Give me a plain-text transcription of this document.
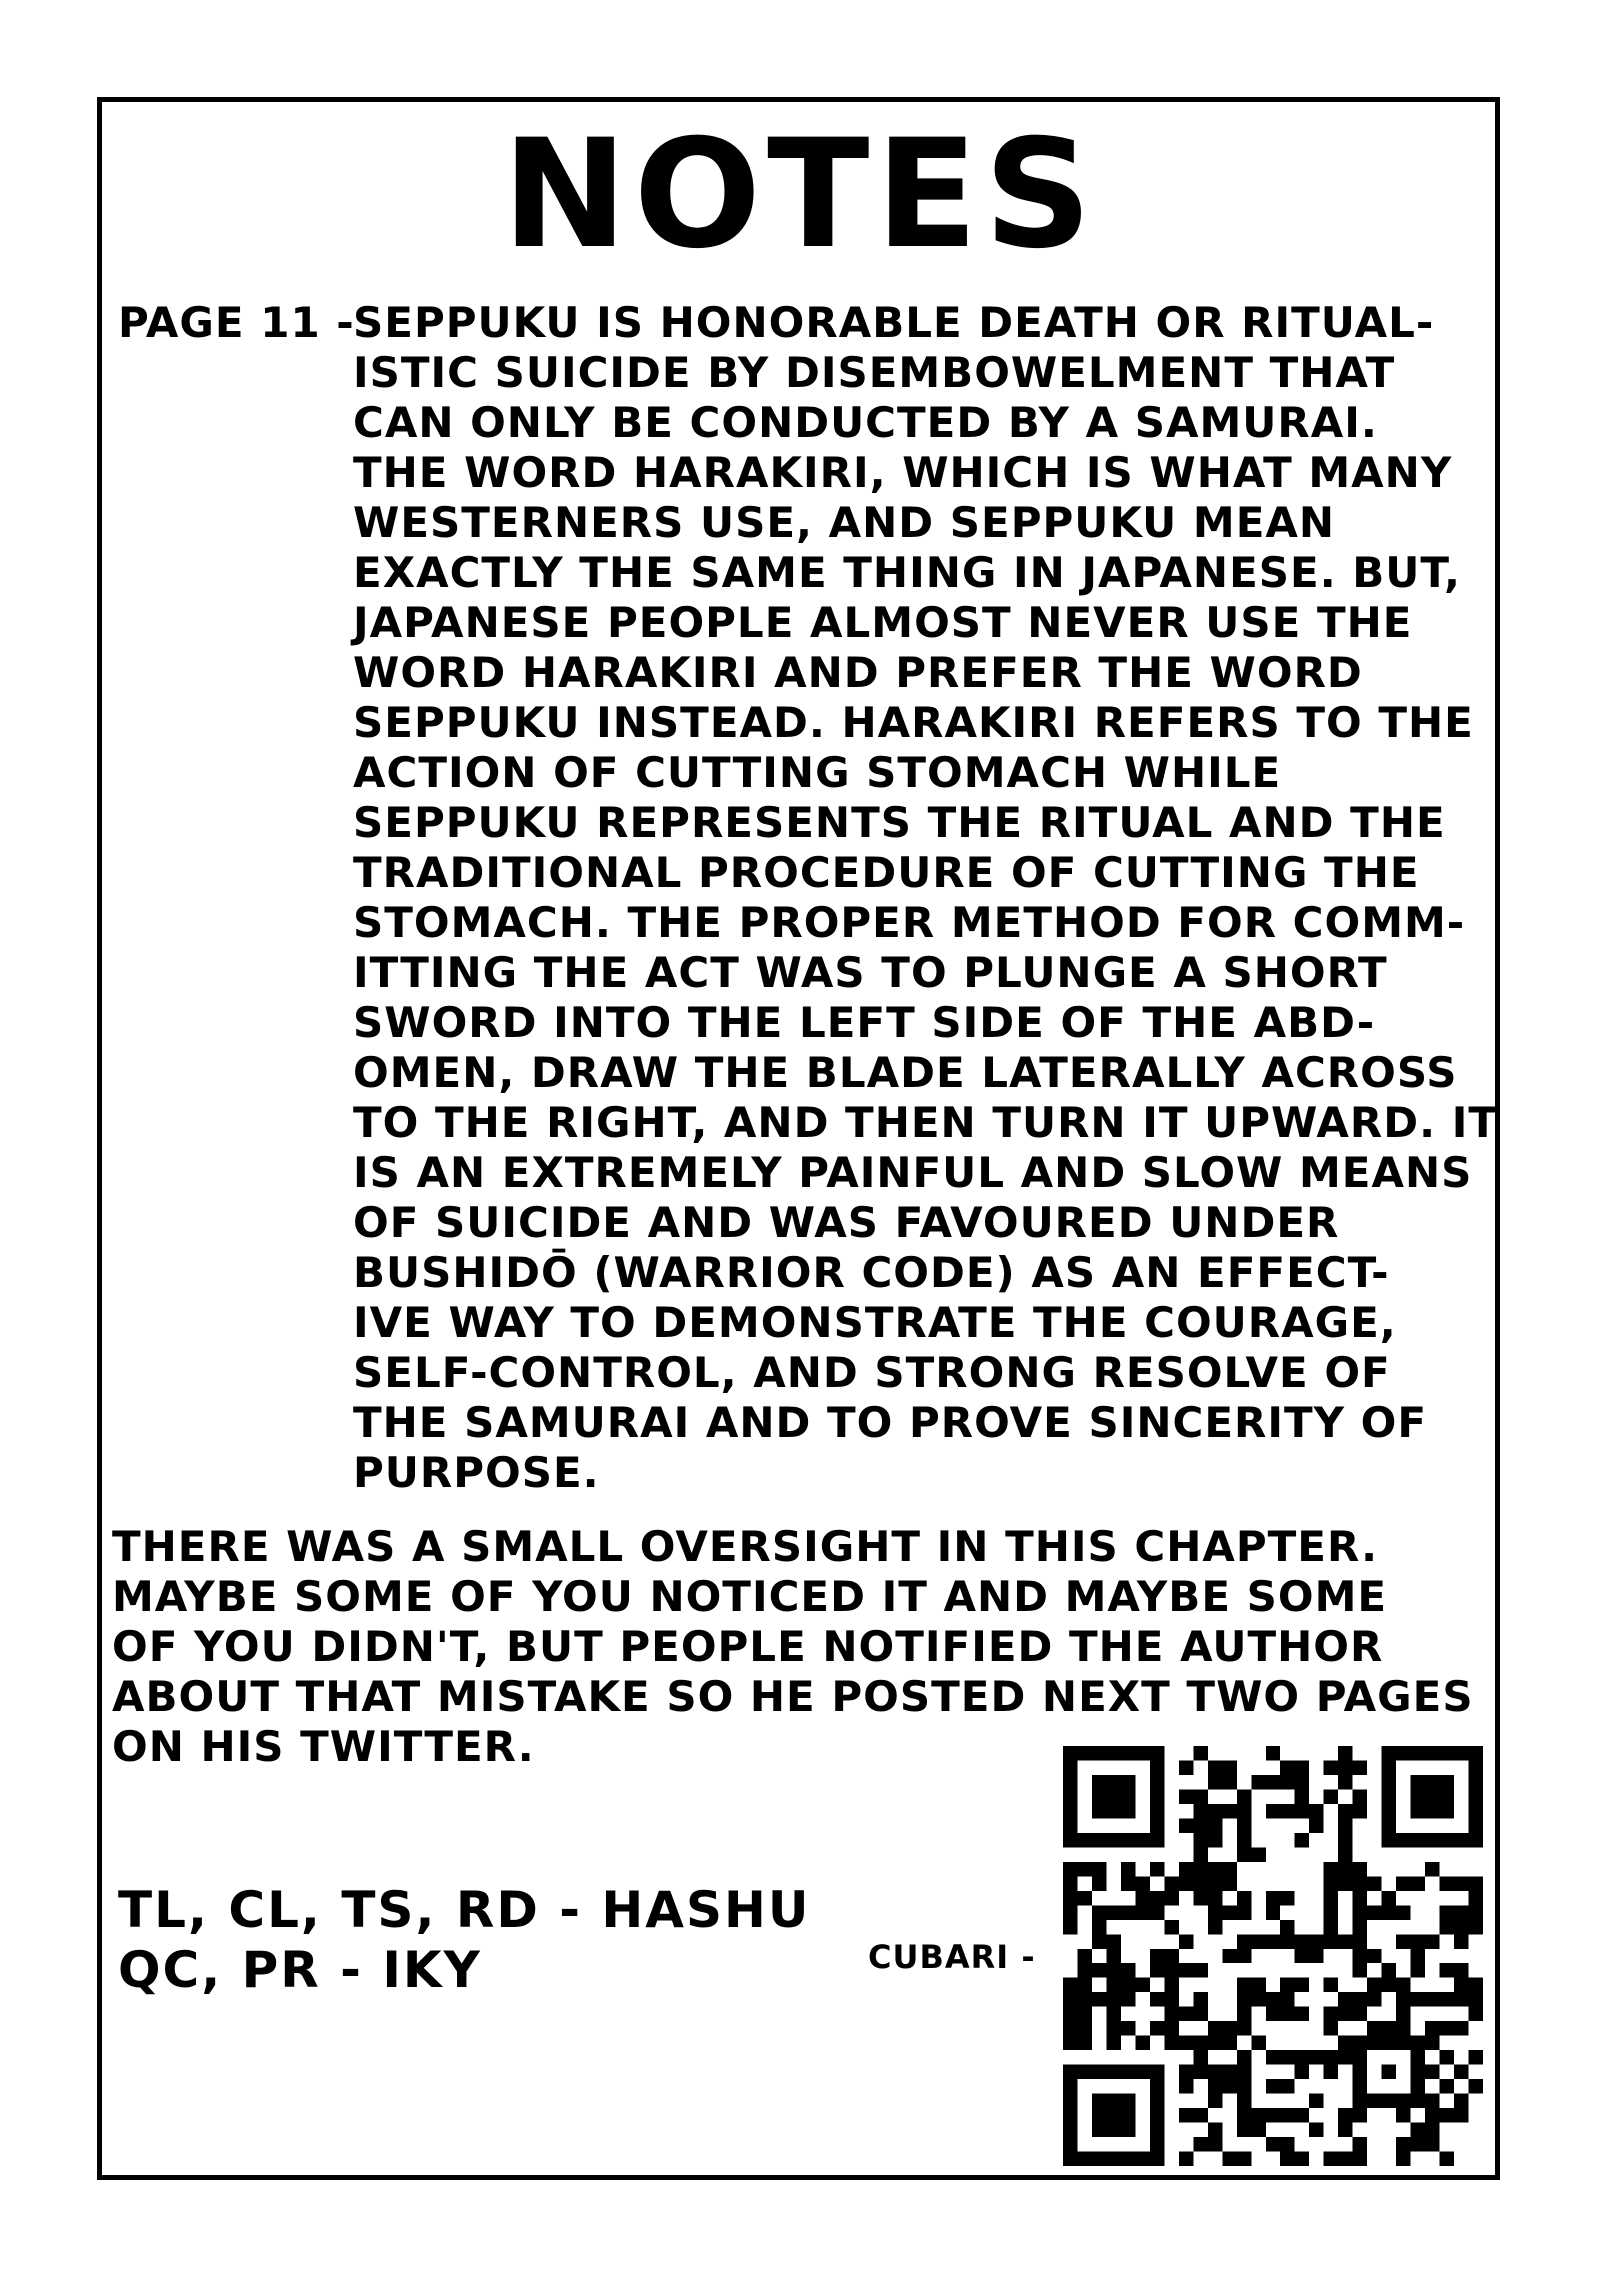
NOTES
PAGE 11 -
SEPPUKU IS HONORABLE DEATH OR RITUAL-
ISTIC SUICIDE BY DISEMBOWELMENT THAT
CAN ONLY BE CONDUCTED BY A SAMURAI.
THE WORD HARAKIRI, WHICH IS WHAT MANY
WESTERNERS USE, AND SEPPUKU MEAN
EXACTLY THE SAME THING IN JAPANESE. BUT,
JAPANESE PEOPLE ALMOST NEVER USE THE
WORD HARAKIRI AND PREFER THE WORD
SEPPUKU INSTEAD. HARAKIRI REFERS TO THE
ACTION OF CUTTING STOMACH WHILE
SEPPUKU REPRESENTS THE RITUAL AND THE
TRADITIONAL PROCEDURE OF CUTTING THE
STOMACH. THE PROPER METHOD FOR COMM-
ITTING THE ACT WAS TO PLUNGE A SHORT
SWORD INTO THE LEFT SIDE OF THE ABD-
OMEN, DRAW THE BLADE LATERALLY ACROSS
TO THE RIGHT, AND THEN TURN IT UPWARD. IT
IS AN EXTREMELY PAINFUL AND SLOW MEANS
OF SUICIDE AND WAS FAVOURED UNDER
BUSHIDŌ (WARRIOR CODE) AS AN EFFECT-
IVE WAY TO DEMONSTRATE THE COURAGE,
SELF-CONTROL, AND STRONG RESOLVE OF
THE SAMURAI AND TO PROVE SINCERITY OF
PURPOSE.
THERE WAS A SMALL OVERSIGHT IN THIS CHAPTER.
MAYBE SOME OF YOU NOTICED IT AND MAYBE SOME
OF YOU DIDN'T, BUT PEOPLE NOTIFIED THE AUTHOR
ABOUT THAT MISTAKE SO HE POSTED NEXT TWO PAGES
ON HIS TWITTER.
TL, CL, TS, RD - HASHU
QC, PR - IKY	CUBARI -
